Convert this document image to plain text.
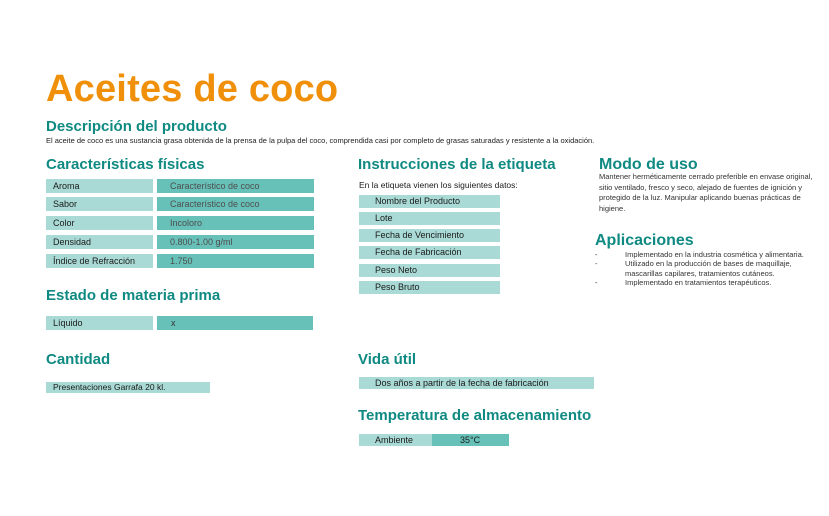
Aceites de coco
Descripción del producto
El aceite de coco es una sustancia grasa obtenida de la prensa de la pulpa del coco, comprendida casi por completo de grasas saturadas y resistente a la oxidación.
Características físicas
Aroma	Característico de coco
Sabor	Característico de coco
Color	Incoloro
Densidad	0.800-1.00 g/ml
Índice de Refracción	1.750
Estado de materia prima
Líquido	x
Cantidad
Presentaciones Garrafa 20 kl.
Instrucciones de la etiqueta
En la etiqueta vienen los siguientes datos:
Nombre del Producto
Lote
Fecha de Vencimiento
Fecha de Fabricación
Peso Neto
Peso Bruto
Vida útil
Dos años a partir de la fecha de fabricación
Temperatura de almacenamiento
Ambiente	35°C
Modo de uso
Mantener herméticamente cerrado preferible en envase original, sitio ventilado, fresco y seco, alejado de fuentes de ignición y protegido de la luz. Manipular aplicando buenas prácticas de higiene.
Aplicaciones
-	Implementado en la industria cosmética y alimentaria.
-	Utilizado en la producción de bases de maquillaje, mascarillas capilares, tratamientos cutáneos.
-	Implementado en tratamientos terapéuticos.
